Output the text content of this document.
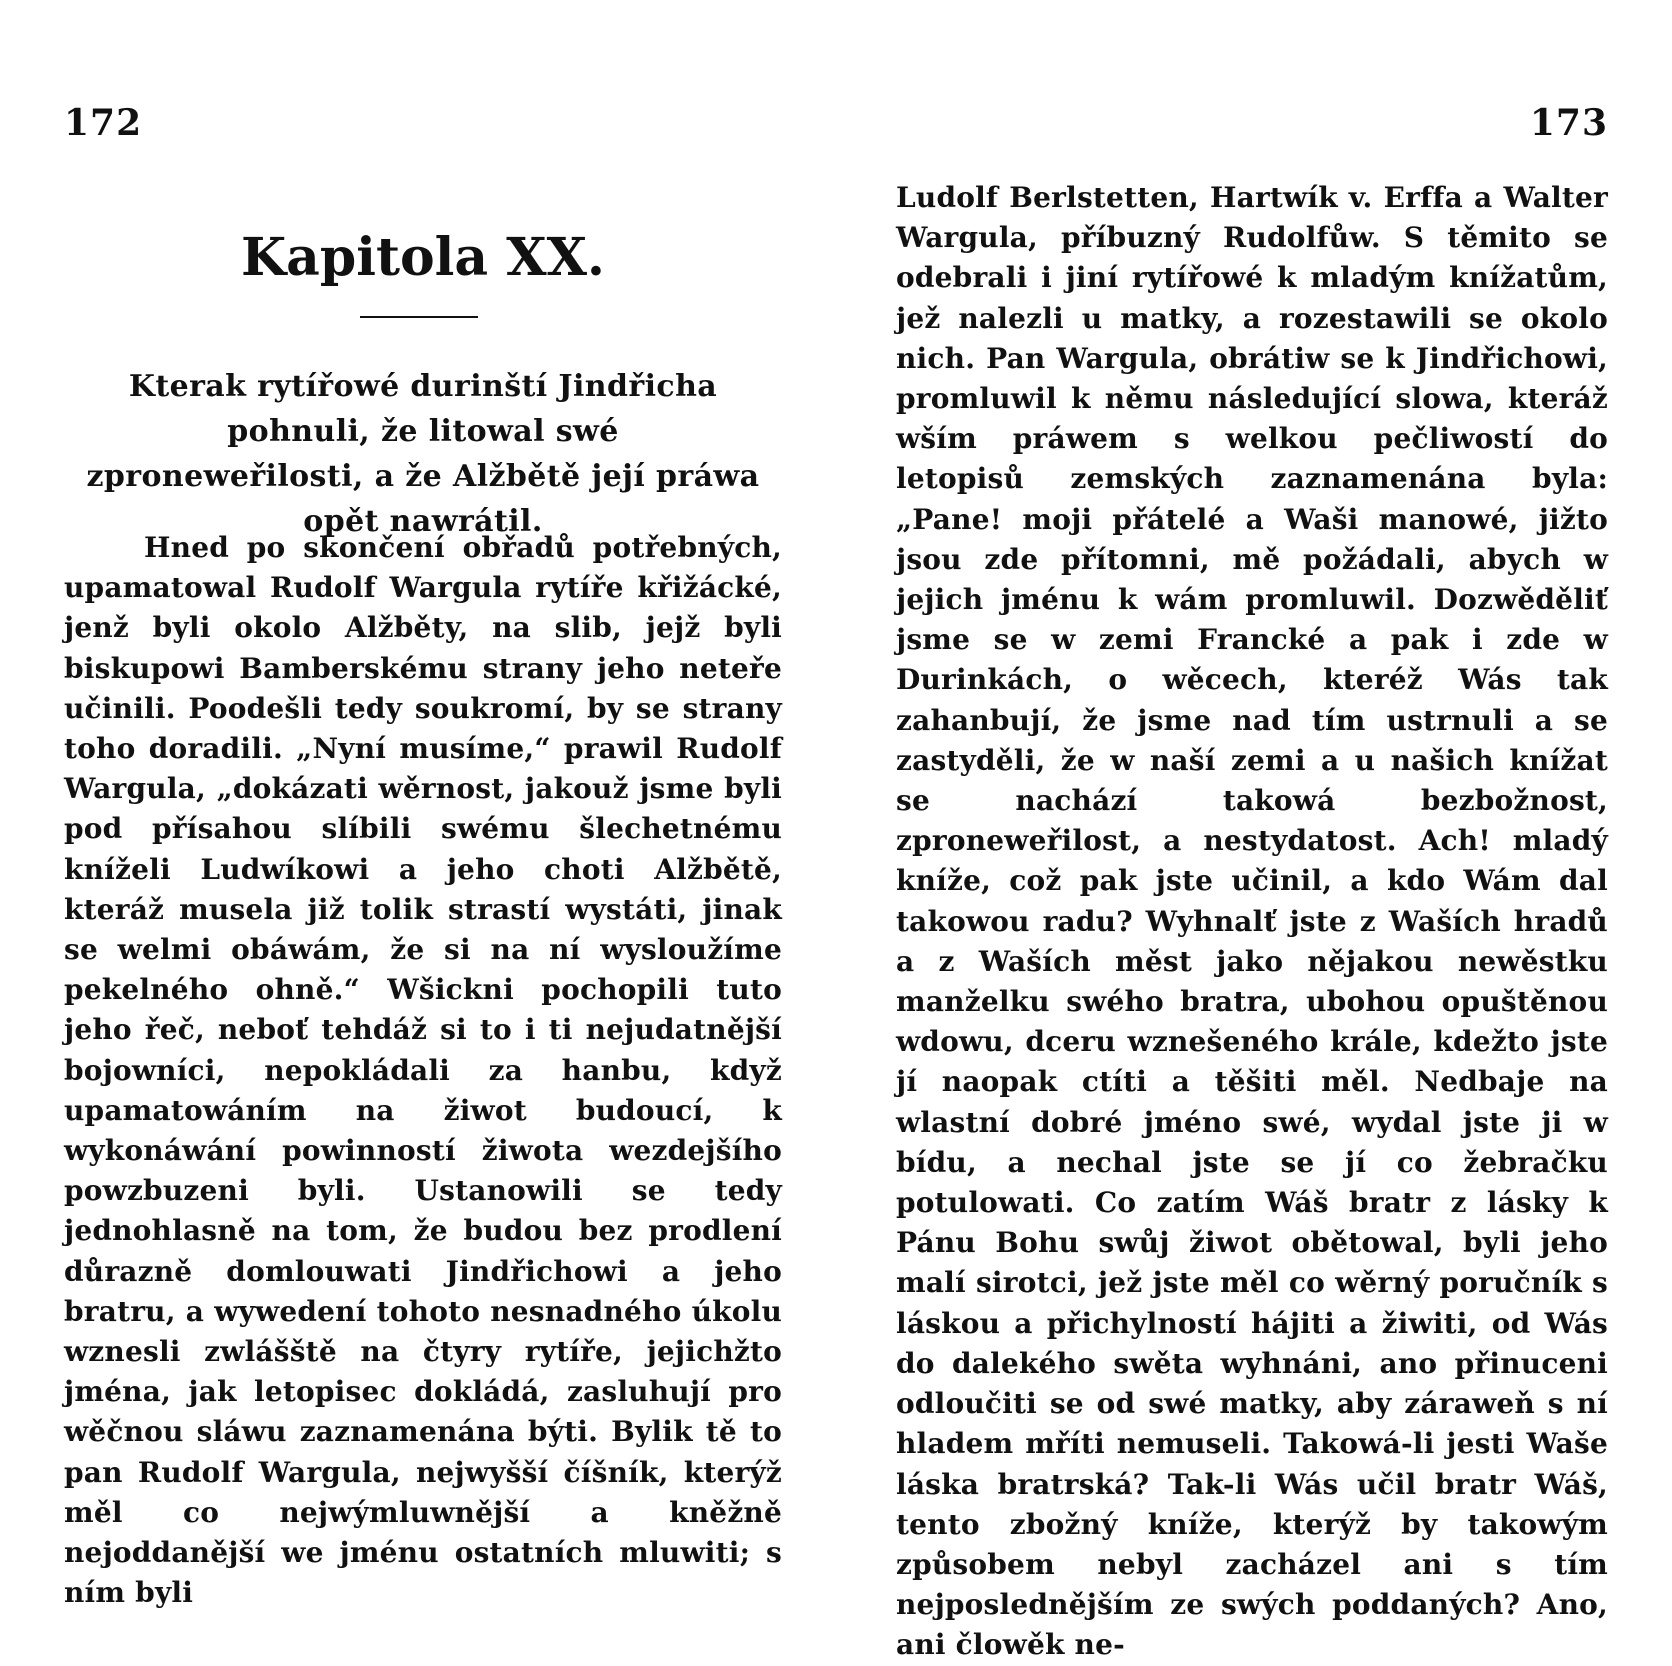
172
Kapitola XX.

Kterak rytířowé durinští Jindřicha pohnuli, že litowal swé zproneweřilosti, a že Alžbětě její práwa opět nawrátil.

Hned po skončení obřadů potřebných, upamatowal Rudolf Wargula rytíře křižácké, jenž byli okolo Alžběty, na slib, jejž byli biskupowi Bamberskému strany jeho neteře učinili. Poodešli tedy soukromí, by se strany toho doradili. „Nyní musíme,“ prawil Rudolf Wargula, „dokázati wěrnost, jakouž jsme byli pod přísahou slíbili swému šlechetnému kníželi Ludwíkowi a jeho choti Alžbětě, kteráž musela již tolik strastí wystáti, jinak se welmi obáwám, že si na ní wysloužíme pekelného ohně.“ Wšickni pochopili tuto jeho řeč, neboť tehdáž si to i ti nejudatnější bojowníci, nepokládali za hanbu, když upamatowáním na žiwot budoucí, k wykonáwání powinností žiwota wezdejšího powzbuzeni byli. Ustanowili se tedy jednohlasně na tom, že budou bez prodlení důrazně domlouwati Jindřichowi a jeho bratru, a wywedení tohoto nesnadného úkolu wznesli zwlášště na čtyry rytíře, jejichžto jména, jak letopisec dokládá, zasluhují pro wěčnou sláwu zaznamenána býti. Bylik tě to pan Rudolf Wargula, nejwyšší číšník, kterýž měl co nejwýmluwnější a kněžně nejoddanější we jménu ostatních mluwiti; s ním byli

173

Ludolf Berlstetten, Hartwík v. Erffa a Walter Wargula, příbuzný Rudolfůw. S těmito se odebrali i jiní rytířowé k mladým knížatům, jež nalezli u matky, a rozestawili se okolo nich. Pan Wargula, obrátiw se k Jindřichowi, promluwil k němu následující slowa, kteráž wším práwem s welkou pečliwostí do letopisů zemských zaznamenána byla: „Pane! moji přátelé a Waši manowé, jižto jsou zde přítomni, mě požádali, abych w jejich jménu k wám promluwil. Dozwěděliť jsme se w zemi Francké a pak i zde w Durinkách, o wěcech, kteréž Wás tak zahanbují, že jsme nad tím ustrnuli a se zastyděli, že w naší zemi a u našich knížat se nachází takowá bezbožnost, zproneweřilost, a nestydatost. Ach! mladý kníže, což pak jste učinil, a kdo Wám dal takowou radu? Wyhnalť jste z Waších hradů a z Waších měst jako nějakou newěstku manželku swého bratra, ubohou opuštěnou wdowu, dceru wznešeného krále, kdežto jste jí naopak ctíti a těšiti měl. Nedbaje na wlastní dobré jméno swé, wydal jste ji w bídu, a nechal jste se jí co žebračku potulowati. Co zatím Wáš bratr z lásky k Pánu Bohu swůj žiwot obětowal, byli jeho malí sirotci, jež jste měl co wěrný poručník s láskou a přichylností hájiti a žiwiti, od Wás do dalekého swěta wyhnáni, ano přinuceni odloučiti se od swé matky, aby záraweň s ní hladem mříti nemuseli. Takowá-li jesti Waše láska bratrská? Tak-li Wás učil bratr Wáš, tento zbožný kníže, kterýž by takowým způsobem nebyl zacházel ani s tím nejposlednějším ze swých poddaných? Ano, ani člowěk ne-
